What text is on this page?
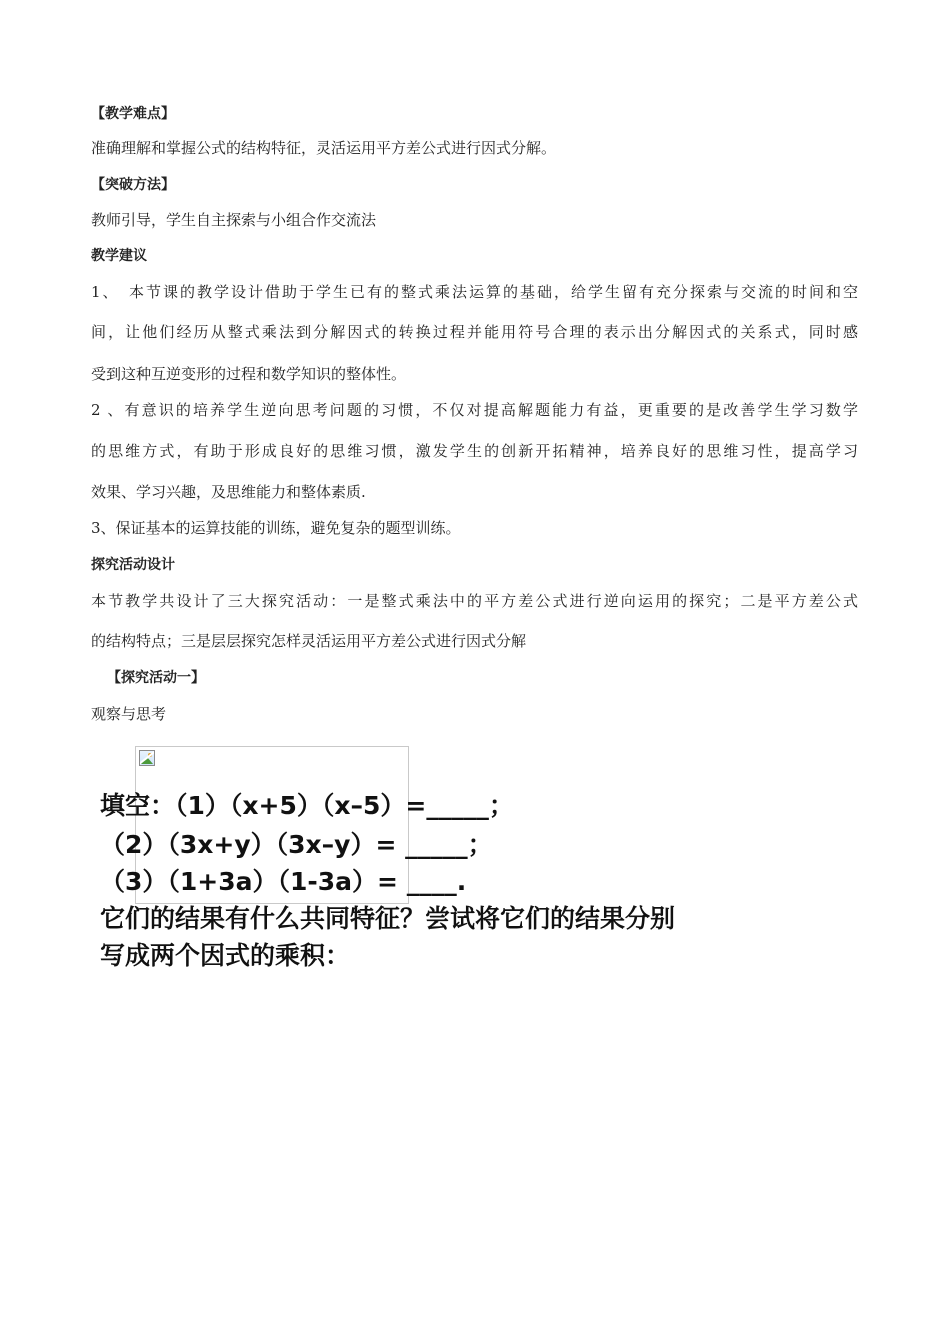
【教学难点】
准确理解和掌握公式的结构特征，灵活运用平方差公式进行因式分解。
【突破方法】
教师引导，学生自主探索与小组合作交流法
教学建议
1、　本节课的教学设计借助于学生已有的整式乘法运算的基础，给学生留有充分探索与交流的时间和空
间，让他们经历从整式乘法到分解因式的转换过程并能用符号合理的表示出分解因式的关系式，同时感
受到这种互逆变形的过程和数学知识的整体性。
2 、有意识的培养学生逆向思考问题的习惯，不仅对提高解题能力有益，更重要的是改善学生学习数学
的思维方式，有助于形成良好的思维习惯，激发学生的创新开拓精神，培养良好的思维习性，提高学习
效果、学习兴趣，及思维能力和整体素质.
3、保证基本的运算技能的训练，避免复杂的题型训练。
探究活动设计
本节教学共设计了三大探究活动：一是整式乘法中的平方差公式进行逆向运用的探究；二是平方差公式
的结构特点；三是层层探究怎样灵活运用平方差公式进行因式分解
【探究活动一】
观察与思考
填空：（1）（x+5）（x–5）=_____；
（2）（3x+y）（3x–y）= _____；
（3）（1+3a）（1-3a）= ____.
它们的结果有什么共同特征？尝试将它们的结果分别
写成两个因式的乘积：
